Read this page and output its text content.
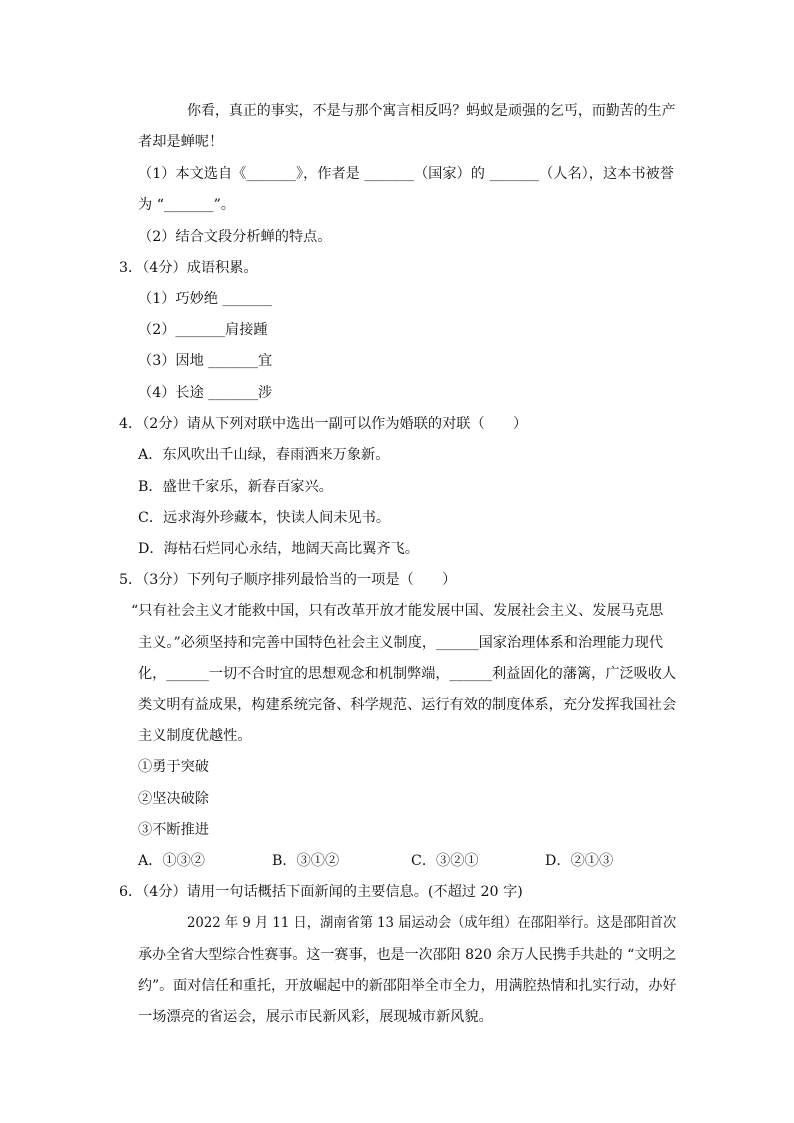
你看，真正的事实，不是与那个寓言相反吗？蚂蚁是顽强的乞丐，而勤苦的生产
者却是蝉呢！
（1）本文选自《_______》，作者是 _______（国家）的 _______（人名），这本书被誉
为 “_______”。
（2）结合文段分析蝉的特点。
3．（4分）成语积累。
（1）巧妙绝 _______
（2）_______肩接踵
（3）因地 _______宜
（4）长途 _______涉
4．（2分）请从下列对联中选出一副可以作为婚联的对联（　　）
A．东风吹出千山绿，春雨洒来万象新。
B．盛世千家乐，新春百家兴。
C．远求海外珍藏本，快读人间未见书。
D．海枯石烂同心永结，地阔天高比翼齐飞。
5．（3分）下列句子顺序排列最恰当的一项是（　　）
“只有社会主义才能救中国，只有改革开放才能发展中国、发展社会主义、发展马克思
主义。”必须坚持和完善中国特色社会主义制度，______国家治理体系和治理能力现代
化，______一切不合时宜的思想观念和机制弊端，______利益固化的藩篱，广泛吸收人
类文明有益成果，构建系统完备、科学规范、运行有效的制度体系，充分发挥我国社会
主义制度优越性。
①勇于突破
②坚决破除
③不断推进
A．①③②	B．③①②	C．③②①	D．②①③
6．（4分）请用一句话概括下面新闻的主要信息。(不超过 20 字)
2022 年 9 月 11 日，湖南省第 13 届运动会（成年组）在邵阳举行。这是邵阳首次
承办全省大型综合性赛事。这一赛事，也是一次邵阳 820 余万人民携手共赴的 “文明之
约”。面对信任和重托，开放崛起中的新邵阳举全市全力，用满腔热情和扎实行动，办好
一场漂亮的省运会，展示市民新风彩，展现城市新风貌。
